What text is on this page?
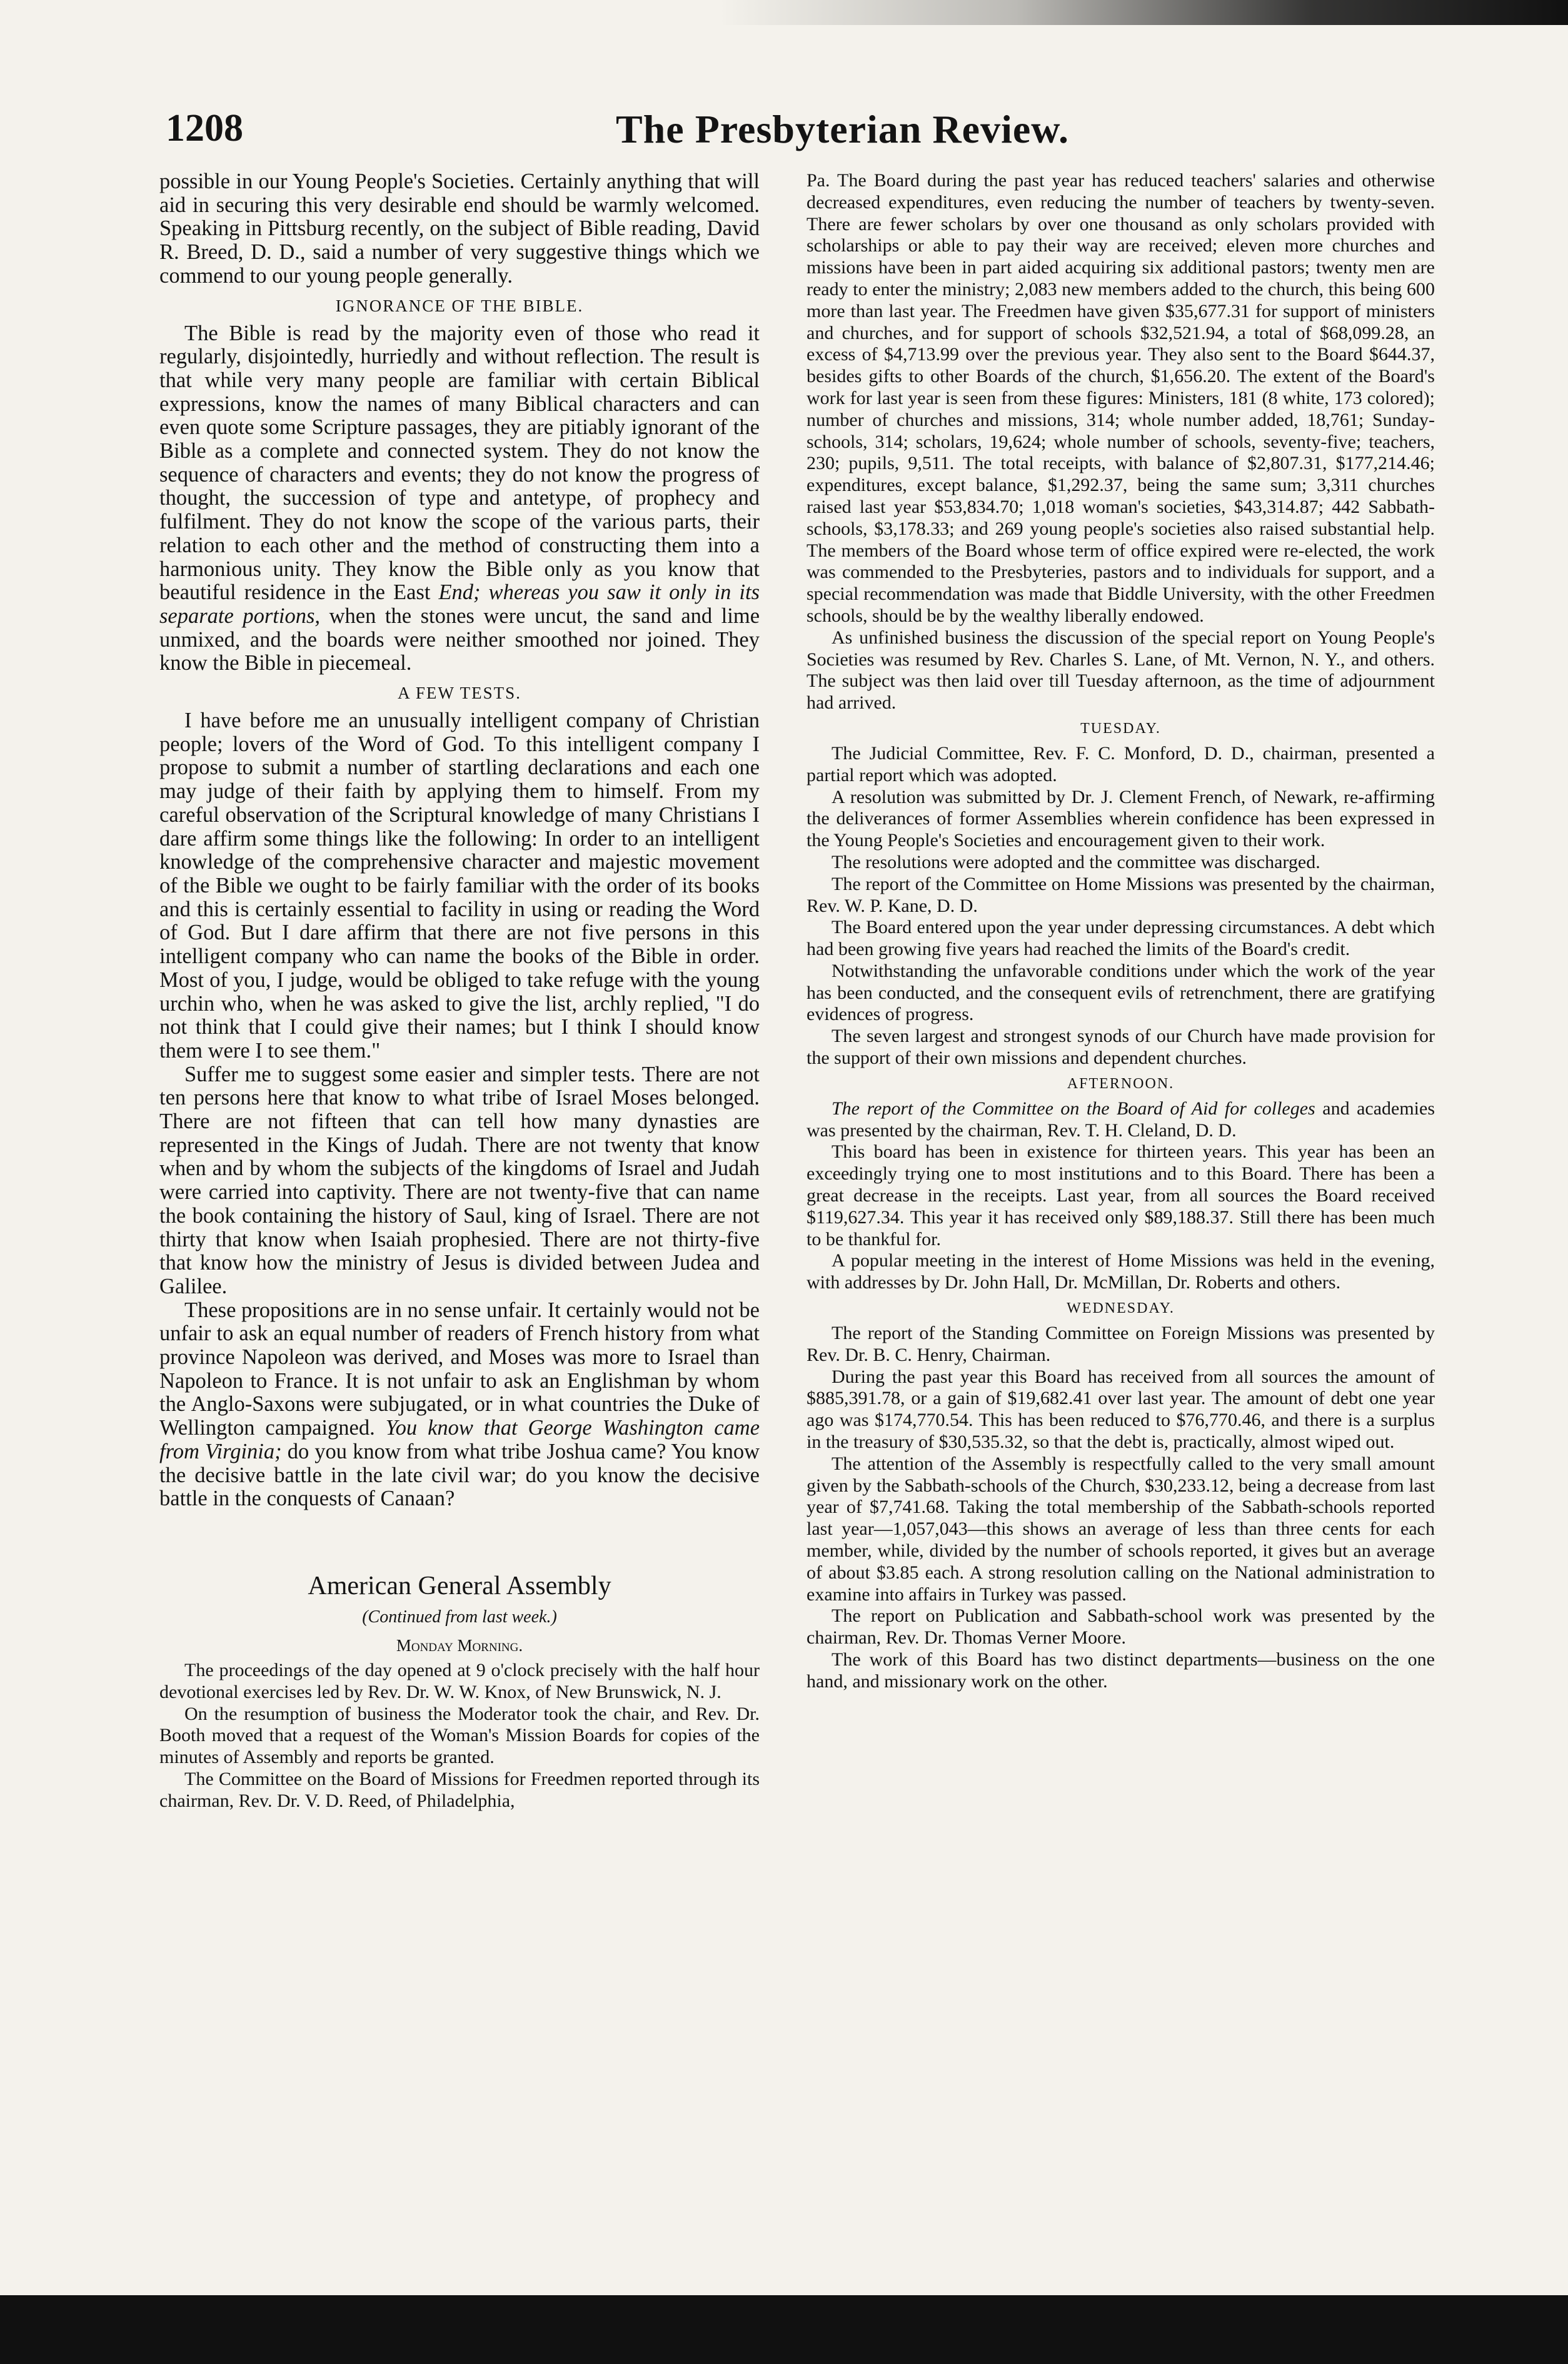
1208	The Presbyterian Review.

possible in our Young People's Societies. Certainly anything that will aid in securing this very desirable end should be warmly welcomed. Speaking in Pittsburg recently, on the subject of Bible reading, David R. Breed, D. D., said a number of very suggestive things which we commend to our young people generally.

IGNORANCE OF THE BIBLE.

The Bible is read by the majority even of those who read it regularly, disjointedly, hurriedly and without reflection. The result is that while very many people are familiar with certain Biblical expressions, know the names of many Biblical characters and can even quote some Scripture passages, they are pitiably ignorant of the Bible as a complete and connected system. They do not know the sequence of characters and events; they do not know the progress of thought, the succession of type and antetype, of prophecy and fulfilment. They do not know the scope of the various parts, their relation to each other and the method of constructing them into a harmonious unity. They know the Bible only as you know that beautiful residence in the East End; whereas you saw it only in its separate portions, when the stones were uncut, the sand and lime unmixed, and the boards were neither smoothed nor joined. They know the Bible in piecemeal.

A FEW TESTS.

I have before me an unusually intelligent company of Christian people; lovers of the Word of God. To this intelligent company I propose to submit a number of startling declarations and each one may judge of their faith by applying them to himself. From my careful observation of the Scriptural knowledge of many Christians I dare affirm some things like the following: In order to an intelligent knowledge of the comprehensive character and majestic movement of the Bible we ought to be fairly familiar with the order of its books and this is certainly essential to facility in using or reading the Word of God. But I dare affirm that there are not five persons in this intelligent company who can name the books of the Bible in order. Most of you, I judge, would be obliged to take refuge with the young urchin who, when he was asked to give the list, archly replied, "I do not think that I could give their names; but I think I should know them were I to see them."

Suffer me to suggest some easier and simpler tests. There are not ten persons here that know to what tribe of Israel Moses belonged. There are not fifteen that can tell how many dynasties are represented in the Kings of Judah. There are not twenty that know when and by whom the subjects of the kingdoms of Israel and Judah were carried into captivity. There are not twenty-five that can name the book containing the history of Saul, king of Israel. There are not thirty that know when Isaiah prophesied. There are not thirty-five that know how the ministry of Jesus is divided between Judea and Galilee.

These propositions are in no sense unfair. It certainly would not be unfair to ask an equal number of readers of French history from what province Napoleon was derived, and Moses was more to Israel than Napoleon to France. It is not unfair to ask an Englishman by whom the Anglo-Saxons were subjugated, or in what countries the Duke of Wellington campaigned. You know that George Washington came from Virginia; do you know from what tribe Joshua came? You know the decisive battle in the late civil war; do you know the decisive battle in the conquests of Canaan?

American General Assembly
(Continued from last week.)
Monday Morning.

The proceedings of the day opened at 9 o'clock precisely with the half hour devotional exercises led by Rev. Dr. W. W. Knox, of New Brunswick, N. J.

On the resumption of business the Moderator took the chair, and Rev. Dr. Booth moved that a request of the Woman's Mission Boards for copies of the minutes of Assembly and reports be granted.

The Committee on the Board of Missions for Freedmen reported through its chairman, Rev. Dr. V. D. Reed, of Philadelphia,

Pa. The Board during the past year has reduced teachers' salaries and otherwise decreased expenditures, even reducing the number of teachers by twenty-seven. There are fewer scholars by over one thousand as only scholars provided with scholarships or able to pay their way are received; eleven more churches and missions have been in part aided acquiring six additional pastors; twenty men are ready to enter the ministry; 2,083 new members added to the church, this being 600 more than last year. The Freedmen have given $35,677.31 for support of ministers and churches, and for support of schools $32,521.94, a total of $68,099.28, an excess of $4,713.99 over the previous year. They also sent to the Board $644.37, besides gifts to other Boards of the church, $1,656.20. The extent of the Board's work for last year is seen from these figures: Ministers, 181 (8 white, 173 colored); number of churches and missions, 314; whole number added, 18,761; Sunday-schools, 314; scholars, 19,624; whole number of schools, seventy-five; teachers, 230; pupils, 9,511. The total receipts, with balance of $2,807.31, $177,214.46; expenditures, except balance, $1,292.37, being the same sum; 3,311 churches raised last year $53,834.70; 1,018 woman's societies, $43,314.87; 442 Sabbath-schools, $3,178.33; and 269 young people's societies also raised substantial help. The members of the Board whose term of office expired were re-elected, the work was commended to the Presbyteries, pastors and to individuals for support, and a special recommendation was made that Biddle University, with the other Freedmen schools, should be by the wealthy liberally endowed.

As unfinished business the discussion of the special report on Young People's Societies was resumed by Rev. Charles S. Lane, of Mt. Vernon, N. Y., and others. The subject was then laid over till Tuesday afternoon, as the time of adjournment had arrived.

TUESDAY.

The Judicial Committee, Rev. F. C. Monford, D. D., chairman, presented a partial report which was adopted.

A resolution was submitted by Dr. J. Clement French, of Newark, re-affirming the deliverances of former Assemblies wherein confidence has been expressed in the Young People's Societies and encouragement given to their work.

The resolutions were adopted and the committee was discharged.

The report of the Committee on Home Missions was presented by the chairman, Rev. W. P. Kane, D. D.

The Board entered upon the year under depressing circumstances. A debt which had been growing five years had reached the limits of the Board's credit.

Notwithstanding the unfavorable conditions under which the work of the year has been conducted, and the consequent evils of retrenchment, there are gratifying evidences of progress.

The seven largest and strongest synods of our Church have made provision for the support of their own missions and dependent churches.

AFTERNOON.

The report of the Committee on the Board of Aid for colleges and academies was presented by the chairman, Rev. T. H. Cleland, D. D.

This board has been in existence for thirteen years. This year has been an exceedingly trying one to most institutions and to this Board. There has been a great decrease in the receipts. Last year, from all sources the Board received $119,627.34. This year it has received only $89,188.37. Still there has been much to be thankful for.

A popular meeting in the interest of Home Missions was held in the evening, with addresses by Dr. John Hall, Dr. McMillan, Dr. Roberts and others.

WEDNESDAY.

The report of the Standing Committee on Foreign Missions was presented by Rev. Dr. B. C. Henry, Chairman.

During the past year this Board has received from all sources the amount of $885,391.78, or a gain of $19,682.41 over last year. The amount of debt one year ago was $174,770.54. This has been reduced to $76,770.46, and there is a surplus in the treasury of $30,535.32, so that the debt is, practically, almost wiped out.

The attention of the Assembly is respectfully called to the very small amount given by the Sabbath-schools of the Church, $30,233.12, being a decrease from last year of $7,741.68. Taking the total membership of the Sabbath-schools reported last year—1,057,043—this shows an average of less than three cents for each member, while, divided by the number of schools reported, it gives but an average of about $3.85 each. A strong resolution calling on the National administration to examine into affairs in Turkey was passed.

The report on Publication and Sabbath-school work was presented by the chairman, Rev. Dr. Thomas Verner Moore.

The work of this Board has two distinct departments—business on the one hand, and missionary work on the other.
